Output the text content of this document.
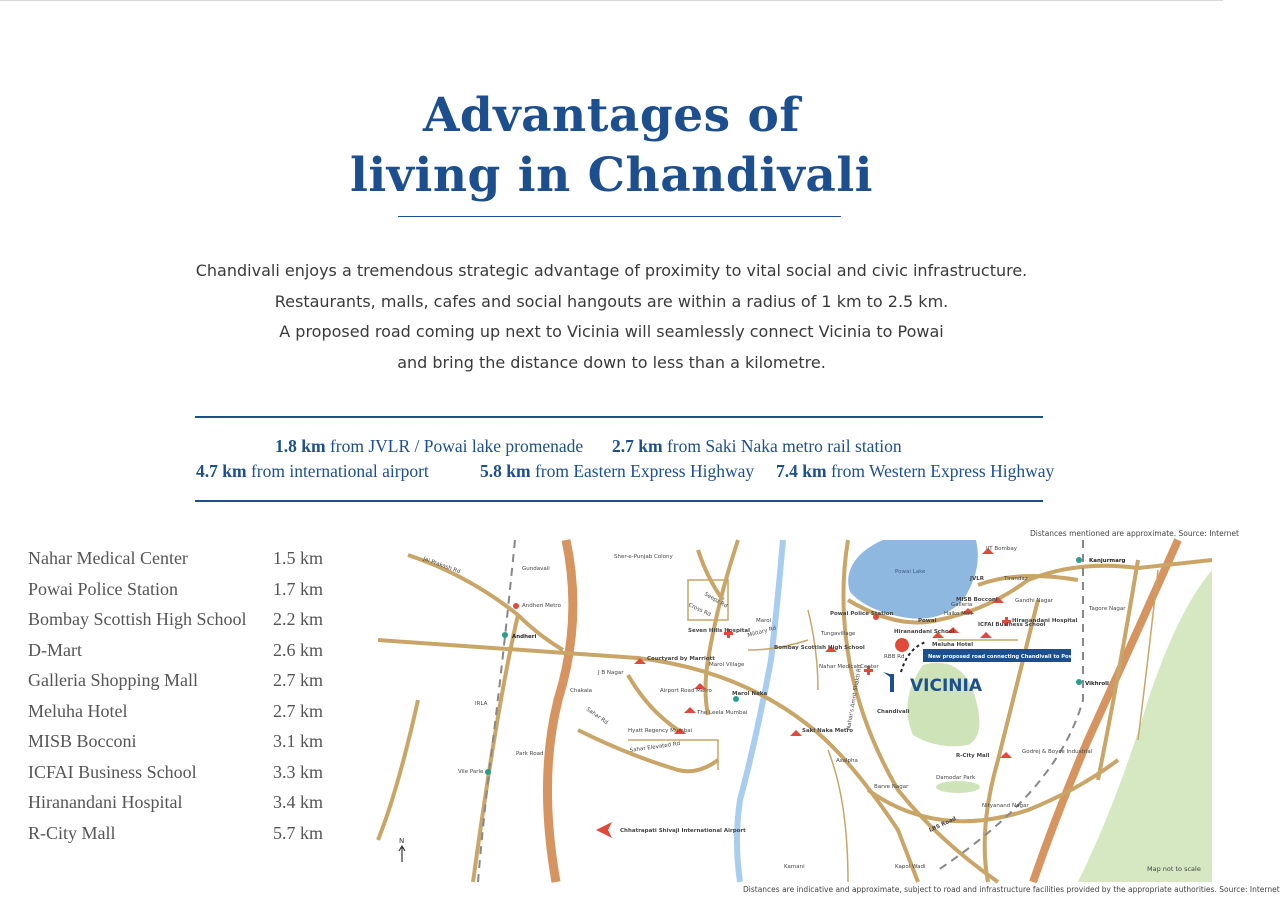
Advantages of
living in Chandivali
Chandivali enjoys a tremendous strategic advantage of proximity to vital social and civic infrastructure.
Restaurants, malls, cafes and social hangouts are within a radius of 1 km to 2.5 km.
A proposed road coming up next to Vicinia will seamlessly connect Vicinia to Powai
and bring the distance down to less than a kilometre.
1.8 km from JVLR / Powai lake promenade 2.7 km from Saki Naka metro rail station
4.7 km from international airport	5.8 km from Eastern Express Highway 7.4 km from Western Express Highway
Distances mentioned are approximate. Source: Internet
Nahar Medical Center	1.5 km
Powai Police Station	1.7 km
Bombay Scottish High School 2.2 km
D-Mart	2.6 km
Galleria Shopping Mall	2.7 km
Meluha Hotel	2.7 km
MISB Bocconi	3.1 km
ICFAI Business School	3.3 km
Hiranandani Hospital	3.4 km
R-City Mall	5.7 km
VICINIA
New proposed road connecting Chandivali to Powai
N
Map not to scale
Jai Prakash Rd	Gundavali
Sher-e-Punjab Colony
Andheri Metro
Andheri
Seepz Rd
Cross Rd
Maroi
Military Rd
Seven Hills Hospital	Tungavillage
Bombay Scottish High School
Powai Police Station
Powai Lake
IIT Bombay
JVLR	Tirandaz
Kanjurmarg
Tagore Nagar
Gandhi Nagar
MISB Bocconi
Hiranandani Hospital
ICFAI Business School
Galleria
Haiko Mall
Powai
Hiranandani School
Meluha Hotel
Nahar Medical Center
RBB Rd
Nahar's Amrit Shakti Rd Chandivali
Vikhroli
Courtyard by Marriott
J B Nagar
Marol Village
Airport Road Metro	Marol Naka
The Leela Mumbai
Chakala
Hyatt Regency Mumbai
Sahar Elevated Rd
Sahar Rd
Saki Naka Metro
Asalpha
IRLA
Park Road
Vile Parle
Barve Nagar
Damodar Park
R-City Mall
Godrej & Boyce Industrial
LBS Road
Nityanand Nagar
Chhatrapati Shivaji International Airport
Kamani	Kapoi Wadi
Distances are indicative and approximate, subject to road and infrastructure facilities provided by the appropriate authorities. Source: Internet
